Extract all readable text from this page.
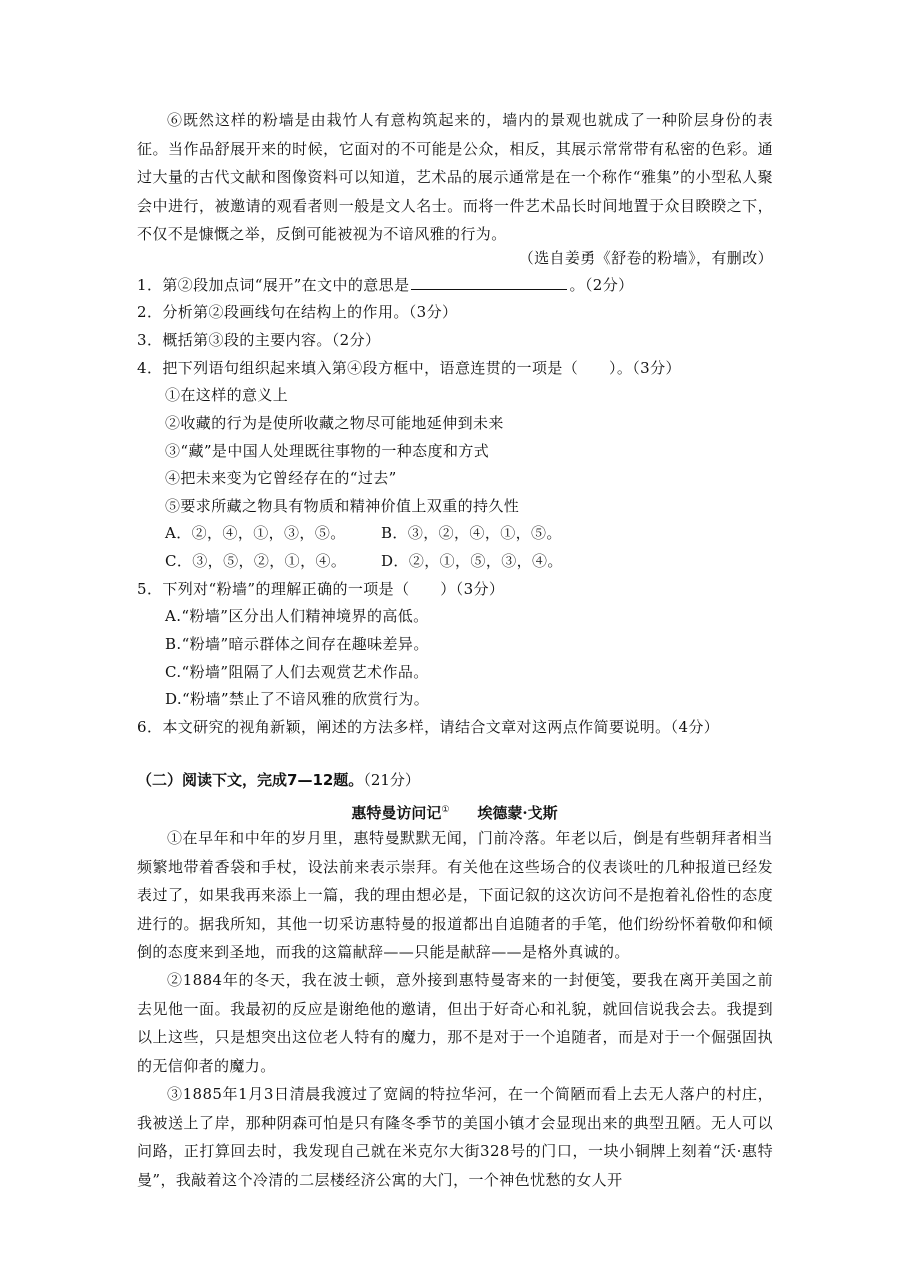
⑥既然这样的粉墙是由栽竹人有意构筑起来的，墙内的景观也就成了一种阶层身份的表征。当作品舒展开来的时候，它面对的不可能是公众，相反，其展示常常带有私密的色彩。通过大量的古代文献和图像资料可以知道，艺术品的展示通常是在一个称作“雅集”的小型私人聚会中进行，被邀请的观看者则一般是文人名士。而将一件艺术品长时间地置于众目睽睽之下，不仅不是慷慨之举，反倒可能被视为不谙风雅的行为。

（选自姜勇《舒卷的粉墙》，有删改）

1．第②段加点词“展开”在文中的意思是	。（2分）

2．分析第②段画线句在结构上的作用。（3分）

3．概括第③段的主要内容。（2分）

4．把下列语句组织起来填入第④段方框中，语意连贯的一项是（　　）。（3分）

①在这样的意义上

②收藏的行为是使所收藏之物尽可能地延伸到未来

③“藏”是中国人处理既往事物的一种态度和方式

④把未来变为它曾经存在的“过去”

⑤要求所藏之物具有物质和精神价值上双重的持久性

A．②，④，①，③，⑤。 B．③，②，④，①，⑤。

C．③，⑤，②，①，④。 D．②，①，⑤，③，④。

5．下列对“粉墙”的理解正确的一项是（　　）（3分）

A.“粉墙”区分出人们精神境界的高低。

B.“粉墙”暗示群体之间存在趣味差异。

C.“粉墙”阻隔了人们去观赏艺术作品。

D.“粉墙”禁止了不谙风雅的欣赏行为。

6．本文研究的视角新颖，阐述的方法多样，请结合文章对这两点作简要说明。（4分）

（二）阅读下文，完成7—12题。（21分）
惠特曼访问记① 埃德蒙·戈斯

①在早年和中年的岁月里，惠特曼默默无闻，门前冷落。年老以后，倒是有些朝拜者相当频繁地带着香袋和手杖，设法前来表示崇拜。有关他在这些场合的仪表谈吐的几种报道已经发表过了，如果我再来添上一篇，我的理由想必是，下面记叙的这次访问不是抱着礼俗性的态度进行的。据我所知，其他一切采访惠特曼的报道都出自追随者的手笔，他们纷纷怀着敬仰和倾倒的态度来到圣地，而我的这篇献辞——只能是献辞——是格外真诚的。

②1884年的冬天，我在波士顿，意外接到惠特曼寄来的一封便笺，要我在离开美国之前去见他一面。我最初的反应是谢绝他的邀请，但出于好奇心和礼貌，就回信说我会去。我提到以上这些，只是想突出这位老人特有的魔力，那不是对于一个追随者，而是对于一个倔强固执的无信仰者的魔力。

③1885年1月3日清晨我渡过了宽阔的特拉华河，在一个简陋而看上去无人落户的村庄，我被送上了岸，那种阴森可怕是只有隆冬季节的美国小镇才会显现出来的典型丑陋。无人可以问路，正打算回去时，我发现自己就在米克尔大街328号的门口，一块小铜牌上刻着“沃·惠特曼”，我敲着这个冷清的二层楼经济公寓的大门，一个神色忧愁的女人开
